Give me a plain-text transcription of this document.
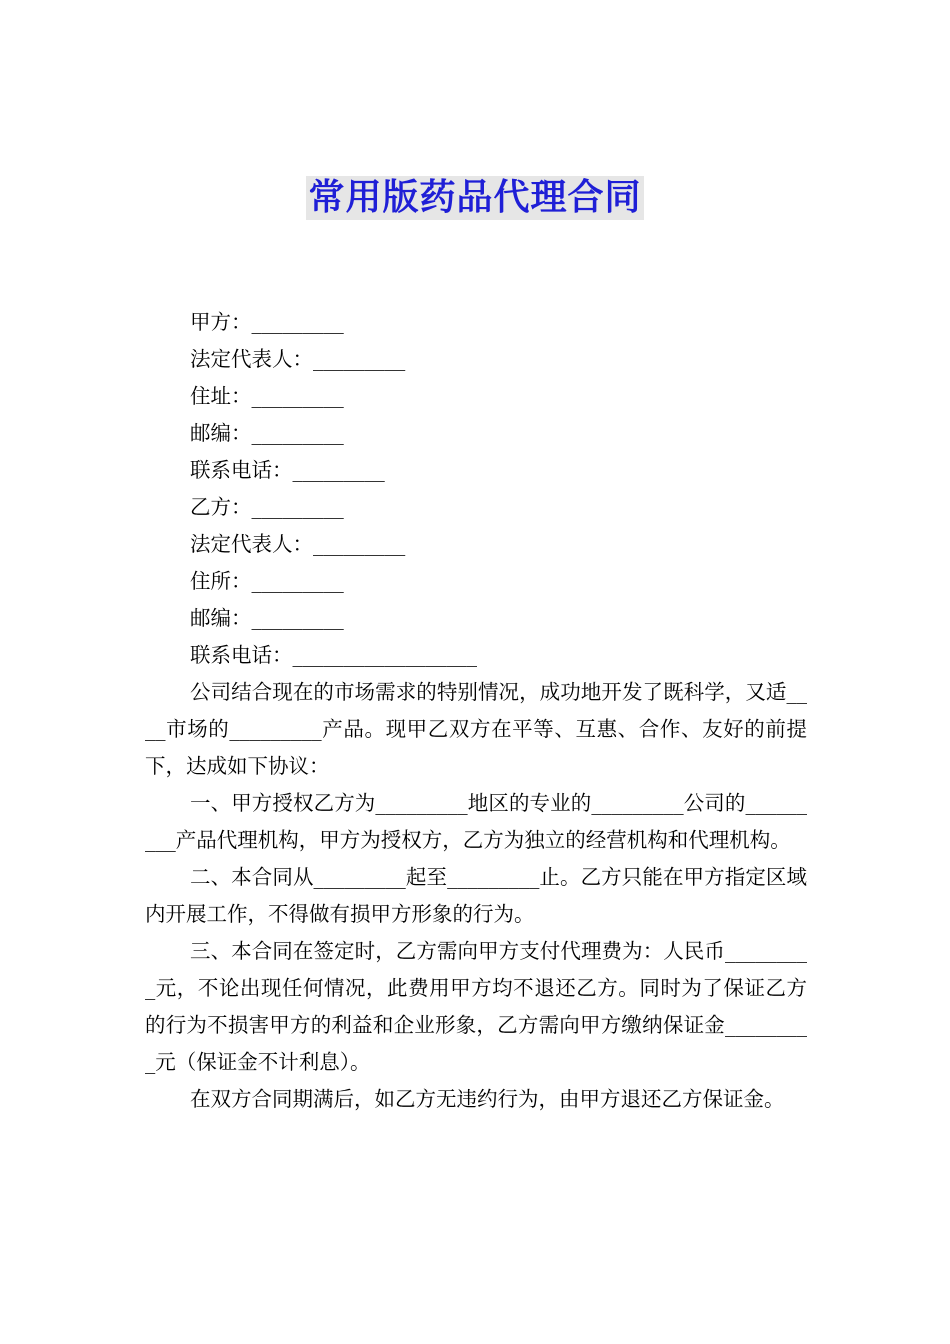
常用版药品代理合同

甲方：_________

法定代表人：_________

住址：_________

邮编：_________

联系电话：_________

乙方：_________

法定代表人：_________

住所：_________

邮编：_________

联系电话：__________________

公司结合现在的市场需求的特别情况，成功地开发了既科学，又适____市场的_________产品。现甲乙双方在平等、互惠、合作、友好的前提下，达成如下协议：

一、甲方授权乙方为_________地区的专业的_________公司的_________产品代理机构，甲方为授权方，乙方为独立的经营机构和代理机构。

二、本合同从_________起至_________止。乙方只能在甲方指定区域内开展工作，不得做有损甲方形象的行为。

三、本合同在签定时，乙方需向甲方支付代理费为：人民币_________元，不论出现任何情况，此费用甲方均不退还乙方。同时为了保证乙方的行为不损害甲方的利益和企业形象，乙方需向甲方缴纳保证金_________元（保证金不计利息）。

在双方合同期满后，如乙方无违约行为，由甲方退还乙方保证金。
